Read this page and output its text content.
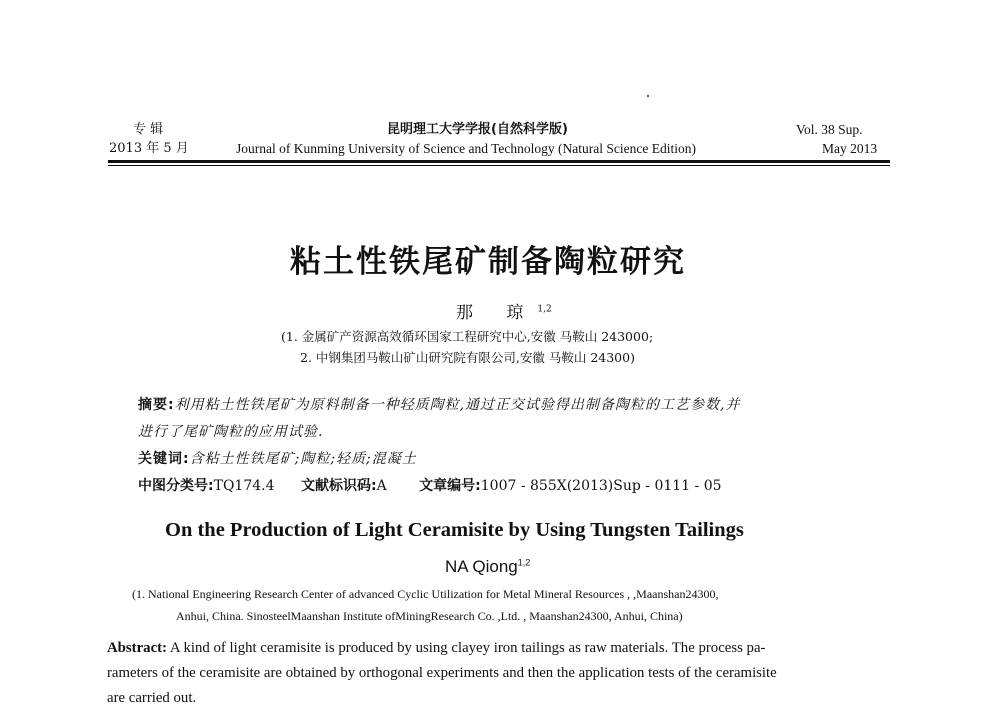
专 辑
2013 年 5 月
昆明理工大学学报(自然科学版)
Journal of Kunming University of Science and Technology (Natural Science Edition)
Vol. 38 Sup.
May 2013
粘土性铁尾矿制备陶粒研究
那 琼$^{1,2}$
(1. 金属矿产资源高效循环国家工程研究中心,安徽 马鞍山 243000;
2. 中钢集团马鞍山矿山研究院有限公司,安徽 马鞍山 24300)
摘要:利用粘土性铁尾矿为原料制备一种轻质陶粒,通过正交试验得出制备陶粒的工艺参数,并
进行了尾矿陶粒的应用试验.
关键词:含粘土性铁尾矿;陶粒;轻质;混凝土
中图分类号:TQ174.4 文献标识码:A 文章编号:1007 - 855X(2013)Sup - 0111 - 05
On the Production of Light Ceramisite by Using Tungsten Tailings
NA Qiong$^{1,2}$
(1. National Engineering Research Center of advanced Cyclic Utilization for Metal Mineral Resources , ,Maanshan24300,
Anhui, China. SinosteelMaanshan Institute ofMiningResearch Co. ,Ltd. , Maanshan24300, Anhui, China)
Abstract: A kind of light ceramisite is produced by using clayey iron tailings as raw materials. The process pa-
rameters of the ceramisite are obtained by orthogonal experiments and then the application tests of the ceramisite
are carried out.
